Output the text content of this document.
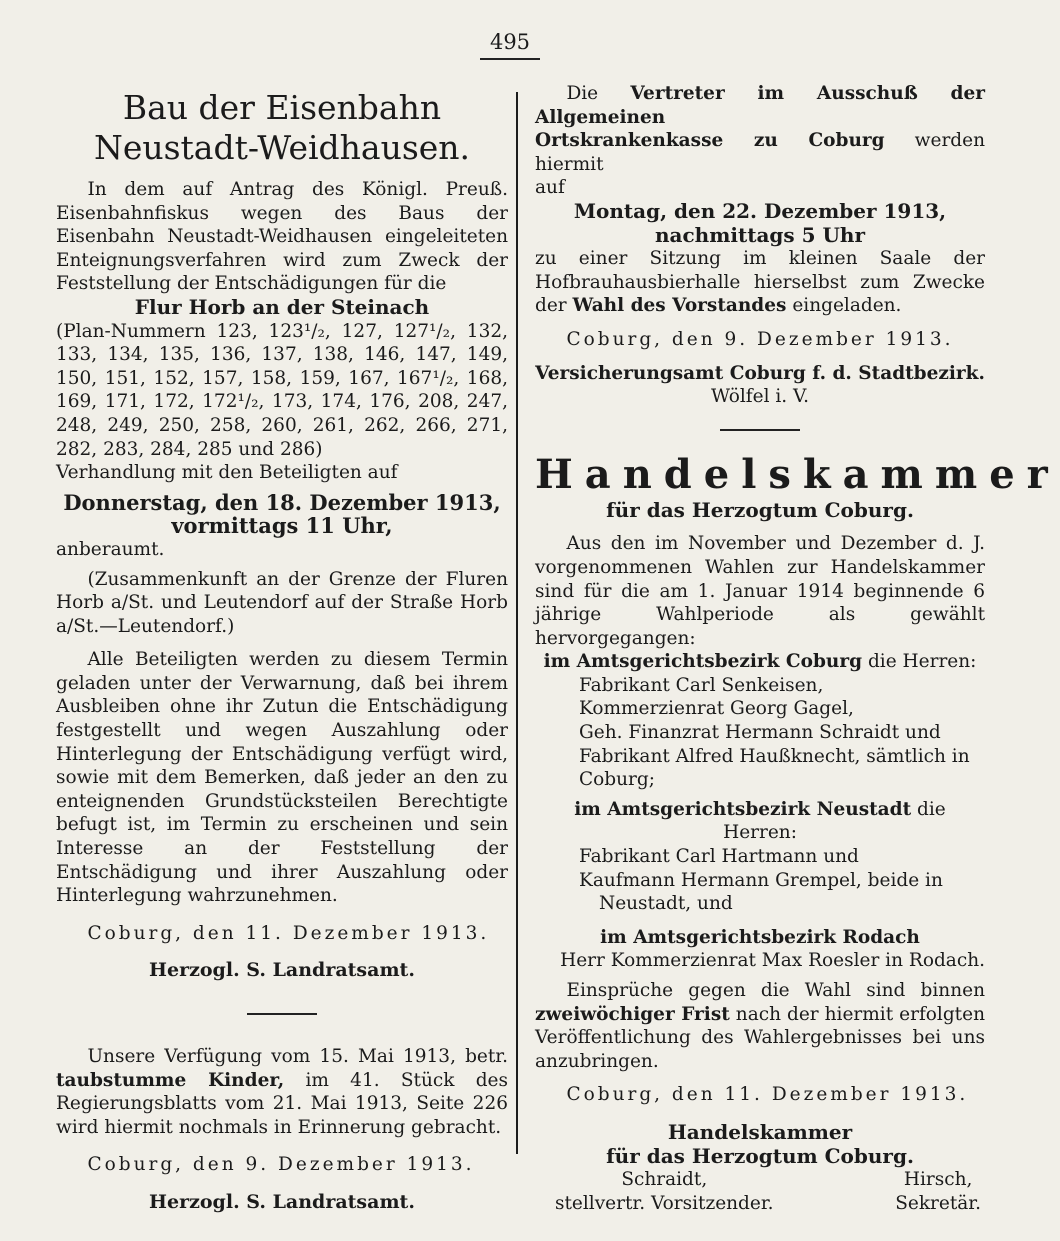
495
Bau der Eisenbahn
Neustadt-Weidhausen.

In dem auf Antrag des Königl. Preuß. Eisenbahnfiskus wegen des Baus der Eisenbahn Neustadt-Weidhausen eingeleiteten Enteignungsverfahren wird zum Zweck der Feststellung der Entschädigungen für die

Flur Horb an der Steinach

(Plan-Nummern 123, 123¹/₂, 127, 127¹/₂, 132, 133, 134, 135, 136, 137, 138, 146, 147, 149, 150, 151, 152, 157, 158, 159, 167, 167¹/₂, 168, 169, 171, 172, 172¹/₂, 173, 174, 176, 208, 247, 248, 249, 250, 258, 260, 261, 262, 266, 271, 282, 283, 284, 285 und 286)

Verhandlung mit den Beteiligten auf

Donnerstag, den 18. Dezember 1913,

vormittags 11 Uhr,

anberaumt.

(Zusammenkunft an der Grenze der Fluren Horb a/St. und Leutendorf auf der Straße Horb a/St.—Leutendorf.)

Alle Beteiligten werden zu diesem Termin geladen unter der Verwarnung, daß bei ihrem Ausbleiben ohne ihr Zutun die Entschädigung festgestellt und wegen Auszahlung oder Hinterlegung der Entschädigung verfügt wird, sowie mit dem Bemerken, daß jeder an den zu enteignenden Grundstücksteilen Berechtigte befugt ist, im Termin zu erscheinen und sein Interesse an der Feststellung der Entschädigung und ihrer Auszahlung oder Hinterlegung wahrzunehmen.

Coburg, den 11. Dezember 1913.

Herzogl. S. Landratsamt.

Unsere Verfügung vom 15. Mai 1913, betr. taubstumme Kinder, im 41. Stück des Regierungsblatts vom 21. Mai 1913, Seite 226 wird hiermit nochmals in Erinnerung gebracht.

Coburg, den 9. Dezember 1913.

Herzogl. S. Landratsamt.

Die Vertreter im Ausschuß der Allgemeinen

Ortskrankenkasse zu Coburg werden hiermit

auf

Montag, den 22. Dezember 1913,

nachmittags 5 Uhr

zu einer Sitzung im kleinen Saale der Hofbrauhausbierhalle hierselbst zum Zwecke der Wahl des Vorstandes eingeladen.

Coburg, den 9. Dezember 1913.

Versicherungsamt Coburg f. d. Stadtbezirk.

Wölfel i. V.

Handelskammer
für das Herzogtum Coburg.

Aus den im November und Dezember d. J. vorgenommenen Wahlen zur Handelskammer sind für die am 1. Januar 1914 beginnende 6 jährige Wahlperiode als gewählt hervorgegangen:

im Amtsgerichtsbezirk Coburg die Herren:

Fabrikant Carl Senkeisen,

Kommerzienrat Georg Gagel,

Geh. Finanzrat Hermann Schraidt und

Fabrikant Alfred Haußknecht, sämtlich in

Coburg;

im Amtsgerichtsbezirk Neustadt die Herren:

Fabrikant Carl Hartmann und

Kaufmann Hermann Grempel, beide in

Neustadt, und

im Amtsgerichtsbezirk Rodach

Herr Kommerzienrat Max Roesler in Rodach.

Einsprüche gegen die Wahl sind binnen zweiwöchiger Frist nach der hiermit erfolgten Veröffentlichung des Wahlergebnisses bei uns anzubringen.

Coburg, den 11. Dezember 1913.

Handelskammer

für das Herzogtum Coburg.

Schraidt,

stellvertr. Vorsitzender.

Hirsch,

Sekretär.
